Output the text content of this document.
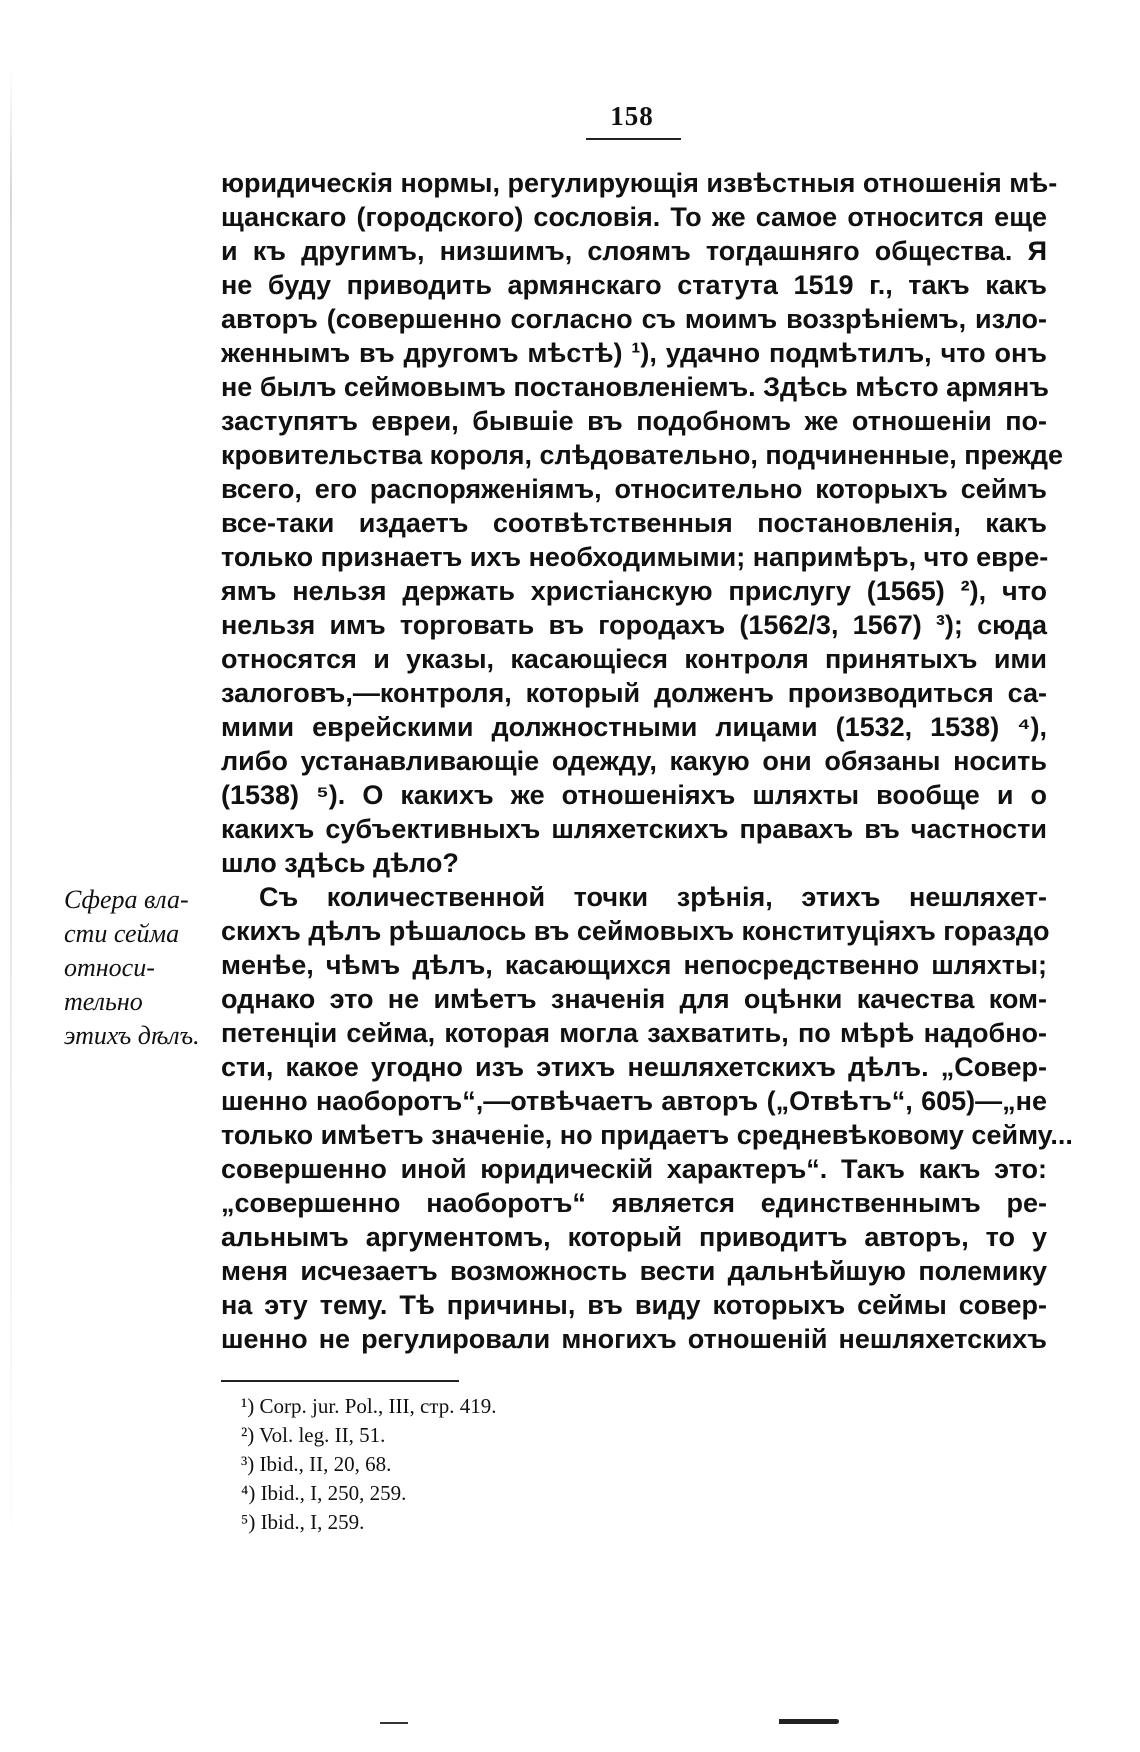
158
юридическія нормы, регулирующія извѣстныя отношенія мѣ-
щанскаго (городского) сословія. То же самое относится еще
и къ другимъ, низшимъ, слоямъ тогдашняго общества. Я
не буду приводить армянскаго статута 1519 г., такъ какъ
авторъ (совершенно согласно съ моимъ воззрѣніемъ, изло-
женнымъ въ другомъ мѣстѣ) ¹), удачно подмѣтилъ, что онъ
не былъ сеймовымъ постановленіемъ. Здѣсь мѣсто армянъ
заступятъ евреи, бывшіе въ подобномъ же отношеніи по-
кровительства короля, слѣдовательно, подчиненные, прежде
всего, его распоряженіямъ, относительно которыхъ сеймъ
все-таки издаетъ соотвѣтственныя постановленія, какъ
только признаетъ ихъ необходимыми; напримѣръ, что евре-
ямъ нельзя держать христіанскую прислугу (1565) ²), что
нельзя имъ торговать въ городахъ (1562/3, 1567) ³); сюда
относятся и указы, касающіеся контроля принятыхъ ими
залоговъ,—контроля, который долженъ производиться са-
мими еврейскими должностными лицами (1532, 1538) ⁴),
либо устанавливающіе одежду, какую они обязаны носить
(1538) ⁵). О какихъ же отношеніяхъ шляхты вообще и о
какихъ субъективныхъ шляхетскихъ правахъ въ частности
шло здѣсь дѣло?
Съ количественной точки зрѣнія, этихъ нешляхет-
скихъ дѣлъ рѣшалось въ сеймовыхъ конституціяхъ гораздо
менѣе, чѣмъ дѣлъ, касающихся непосредственно шляхты;
однако это не имѣетъ значенія для оцѣнки качества ком-
петенціи сейма, которая могла захватить, по мѣрѣ надобно-
сти, какое угодно изъ этихъ нешляхетскихъ дѣлъ. „Совер-
шенно наоборотъ“,—отвѣчаетъ авторъ („Отвѣтъ“, 605)—„не
только имѣетъ значеніе, но придаетъ средневѣковому сейму...
совершенно иной юридическій характеръ“. Такъ какъ это:
„совершенно наоборотъ“ является единственнымъ ре-
альнымъ аргументомъ, который приводитъ авторъ, то у
меня исчезаетъ возможность вести дальнѣйшую полемику
на эту тему. Тѣ причины, въ виду которыхъ сеймы совер-
шенно не регулировали многихъ отношеній нешляхетскихъ
Сфера вла-
сти сейма
относи-
тельно
этихъ дѣлъ.
¹) Corp. jur. Pol., III, стр. 419.
²) Vol. leg. II, 51.
³) Ibid., II, 20, 68.
⁴) Ibid., I, 250, 259.
⁵) Ibid., I, 259.
